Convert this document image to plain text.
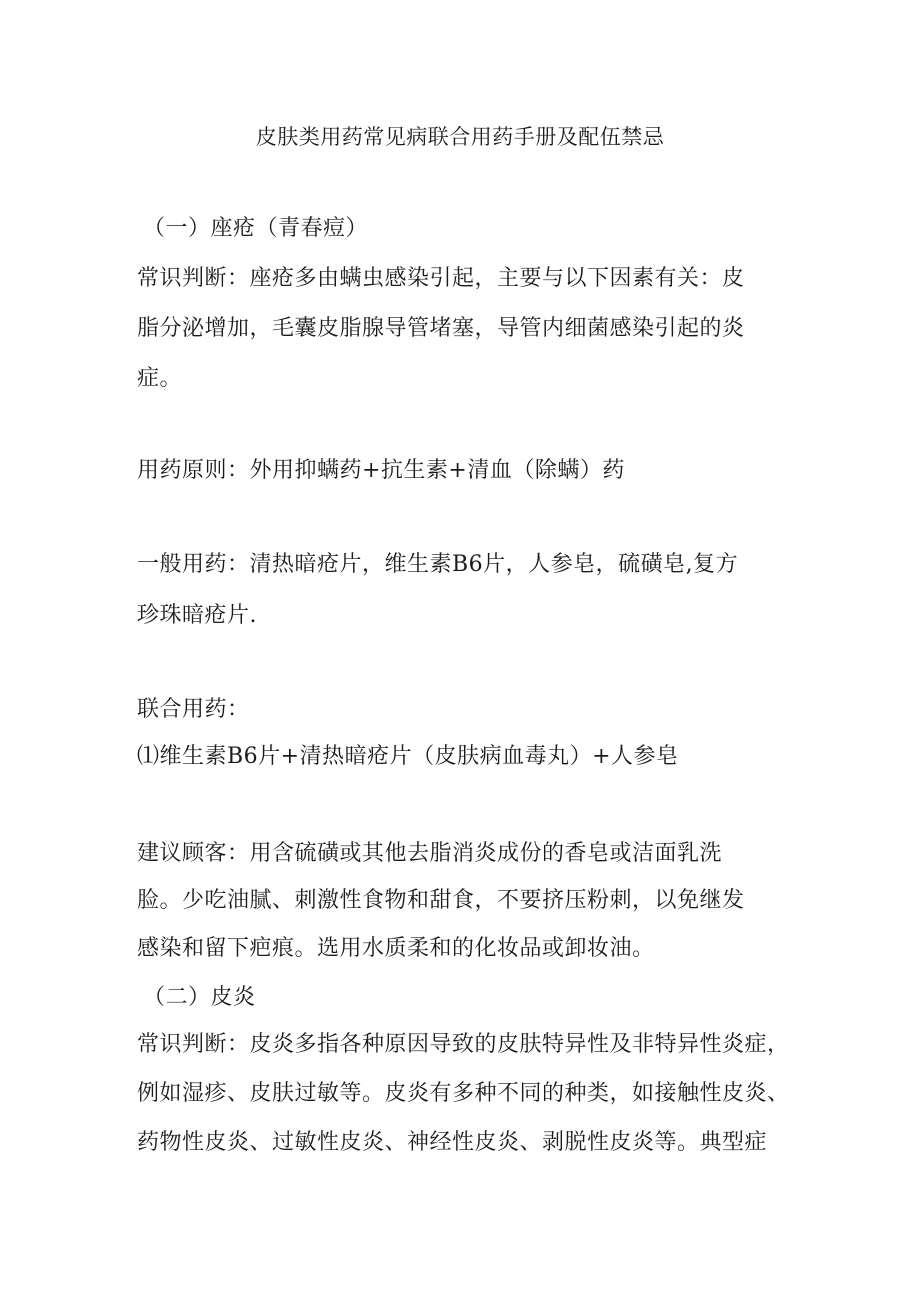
皮肤类用药常见病联合用药手册及配伍禁忌
（一）座疮（青春痘）
常识判断：座疮多由螨虫感染引起，主要与以下因素有关：皮
脂分泌增加，毛囊皮脂腺导管堵塞，导管内细菌感染引起的炎
症。
用药原则：外用抑螨药+抗生素+清血（除螨）药
一般用药：清热暗疮片，维生素B6片，人参皂，硫磺皂,复方
珍珠暗疮片.
联合用药：
⑴维生素B6片+清热暗疮片（皮肤病血毒丸）+人参皂
建议顾客：用含硫磺或其他去脂消炎成份的香皂或洁面乳洗
脸。少吃油腻、刺激性食物和甜食，不要挤压粉刺，以免继发
感染和留下疤痕。选用水质柔和的化妆品或卸妆油。
（二）皮炎
常识判断：皮炎多指各种原因导致的皮肤特异性及非特异性炎症，
例如湿疹、皮肤过敏等。皮炎有多种不同的种类，如接触性皮炎、
药物性皮炎、过敏性皮炎、神经性皮炎、剥脱性皮炎等。典型症
